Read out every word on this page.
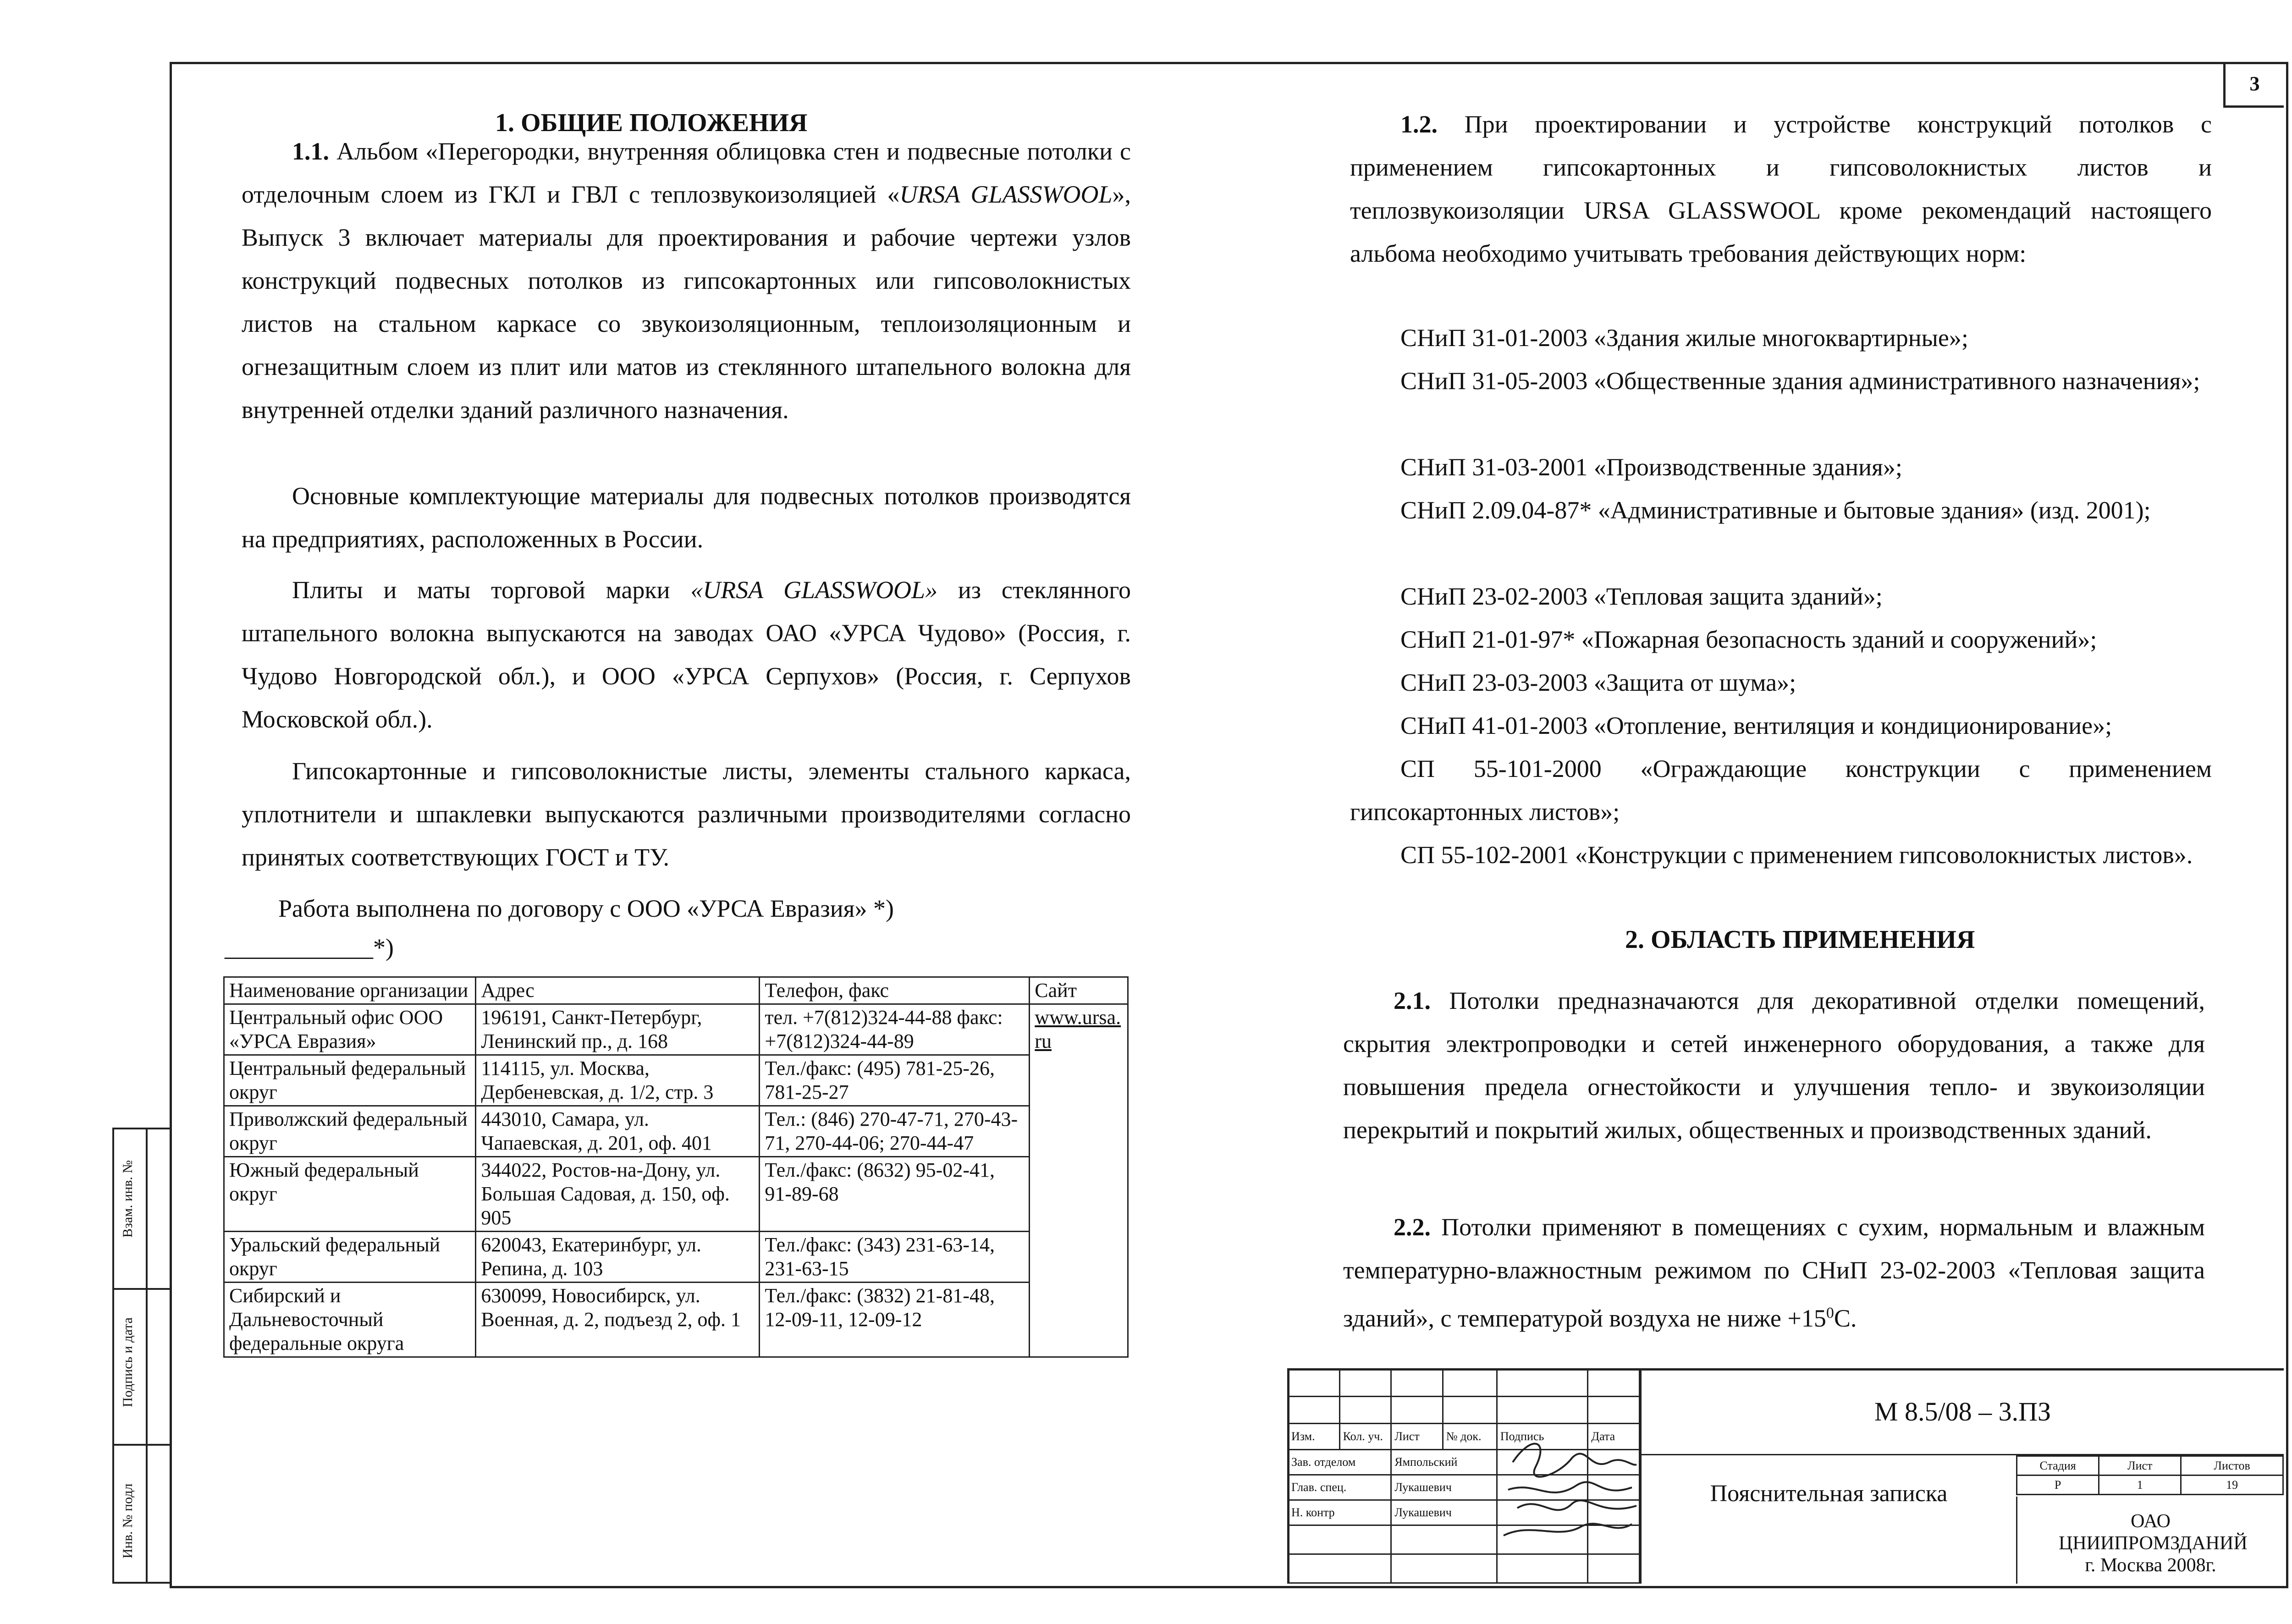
3
1. ОБЩИЕ ПОЛОЖЕНИЯ
1.1. Альбом «Перегородки, внутренняя облицовка стен и подвесные потолки с отделочным слоем из ГКЛ и ГВЛ с теплозвукоизоляцией «URSA GLASSWOOL», Выпуск 3 включает материалы для проектирования и рабочие чертежи узлов конструкций подвесных потолков из гипсокартонных или гипсоволокнистых листов на стальном каркасе со звукоизоляционным, теплоизоляционным и огнезащитным слоем из плит или матов из стеклянного штапельного волокна для внутренней отделки зданий различного назначения.
Основные комплектующие материалы для подвесных потолков производятся на предприятиях, расположенных в России.
Плиты и маты торговой марки «URSA GLASSWOOL» из стеклянного штапельного волокна выпускаются на заводах ОАО «УРСА Чудово» (Россия, г. Чудово Новгородской обл.), и ООО «УРСА Серпухов» (Россия, г. Серпухов Московской обл.).
Гипсокартонные и гипсоволокнистые листы, элементы стального каркаса, уплотнители и шпаклевки выпускаются различными производителями согласно принятых соответствующих ГОСТ и ТУ.
Работа выполнена по договору с ООО «УРСА Евразия» *)
____________*)
Наименование организации	Адрес	Телефон, факс	Сайт
Центральный офис ООО «УРСА Евразия»	196191, Санкт-Петербург, Ленинский пр., д. 168	тел. +7(812)324-44-88 факс: +7(812)324-44-89	www.ursa.ru
Центральный федеральный округ	114115, ул. Москва, Дербеневская, д. 1/2, стр. 3	Тел./факс: (495) 781-25-26, 781-25-27	
Приволжский федеральный округ	443010, Самара, ул. Чапаевская, д. 201, оф. 401	Тел.: (846) 270-47-71, 270-43-71, 270-44-06; 270-44-47	
Южный федеральный округ	344022, Ростов-на-Дону, ул. Большая Садовая, д. 150, оф. 905	Тел./факс: (8632) 95-02-41, 91-89-68	
Уральский федеральный округ	620043, Екатеринбург, ул. Репина, д. 103	Тел./факс: (343) 231-63-14, 231-63-15	
Сибирский и Дальневосточный федеральные округа	630099, Новосибирск, ул. Военная, д. 2, подъезд 2, оф. 1	Тел./факс: (3832) 21-81-48, 12-09-11, 12-09-12	
1.2. При проектировании и устройстве конструкций потолков с применением гипсокартонных и гипсоволокнистых листов и теплозвукоизоляции URSA GLASSWOOL кроме рекомендаций настоящего альбома необходимо учитывать требования действующих норм:
СНиП 31-01-2003 «Здания жилые многоквартирные»;
СНиП 31-05-2003 «Общественные здания административного назначения»;
СНиП 31-03-2001 «Производственные здания»;
СНиП 2.09.04-87* «Административные и бытовые здания» (изд. 2001);
СНиП 23-02-2003 «Тепловая защита зданий»;
СНиП 21-01-97* «Пожарная безопасность зданий и сооружений»;
СНиП 23-03-2003 «Защита от шума»;
СНиП 41-01-2003 «Отопление, вентиляция и кондиционирование»;
СП 55-101-2000 «Ограждающие конструкции с применением гипсокартонных листов»;
СП 55-102-2001 «Конструкции с применением гипсоволокнистых листов».
2. ОБЛАСТЬ ПРИМЕНЕНИЯ
2.1. Потолки предназначаются для декоративной отделки помещений, скрытия электропроводки и сетей инженерного оборудования, а также для повышения предела огнестойкости и улучшения тепло- и звукоизоляции перекрытий и покрытий жилых, общественных и производственных зданий.
2.2. Потолки применяют в помещениях с сухим, нормальным и влажным температурно-влажностным режимом по СНиП 23-02-2003 «Тепловая защита зданий», с температурой воздуха не ниже $+15^0С$.
Взам. инв. №
Подпись и дата
Инв. № подл

Изм.	Кол. уч.	Лист	№ док.	Подпись	Дата
Зав. отделом		Ямпольский			
Глав. спец.		Лукашевич			
Н. контр		Лукашевич			

М 8.5/08 – 3.ПЗ
Пояснительная записка
Стадия	Лист	Листов
Р	1	19
ОАО ЦНИИПРОМЗДАНИЙ
г. Москва 2008г.
